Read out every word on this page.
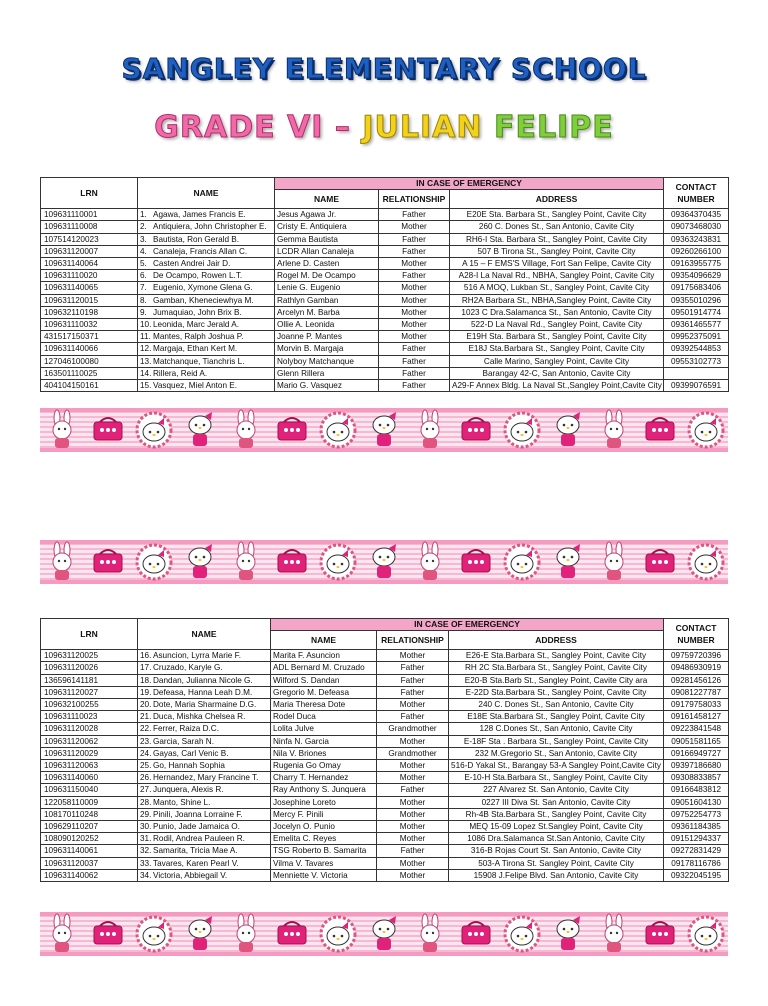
SANGLEY ELEMENTARY SCHOOL
GRADE VI – JULIAN FELIPE
LRN	NAME	IN CASE OF EMERGENCY			CONTACT NUMBER
		NAME	RELATIONSHIP	ADDRESS	
109631110001	1. Agawa, James Francis E.	Jesus Agawa Jr.	Father	E20E Sta. Barbara St., Sangley Point, Cavite City	09364370435
109631110008	2. Antiquiera, John Christopher E.	Cristy E. Antiquiera	Mother	260 C. Dones St., San Antonio, Cavite City	09073468030
107514120023	3. Bautista, Ron Gerald B.	Gemma Bautista	Father	RH6-I Sta. Barbara St., Sangley Point, Cavite City	09363243831
109631120007	4. Canaleja, Francis Allan C.	LCDR Allan Canaleja	Father	507 B Tirona St., Sangley Point, Cavite City	09260266100
109631140064	5. Casten Andrei Jair D.	Arlene D. Casten	Mother	A 15 – F EMS'S Village, Fort San Felipe, Cavite City	09163955775
109631110020	6. De Ocampo, Rowen L.T.	Rogel M. De Ocampo	Father	A28-I La Naval Rd., NBHA, Sangley Point, Cavite City	09354096629
109631140065	7. Eugenio, Xymone Glena G.	Lenie G. Eugenio	Mother	516 A MOQ, Lukban St., Sangley Point, Cavite City	09175683406
109631120015	8. Gamban, Kheneciewhya M.	Rathlyn Gamban	Mother	RH2A Barbara St., NBHA,Sangley Point, Cavite City	09355010296
109632110198	9. Jumaquiao, John Brix B.	Arcelyn M. Barba	Mother	1023 C Dra.Salamanca St., San Antonio, Cavite City	09501914774
109631110032	10. Leonida, Marc Jerald A.	Ollie A. Leonida	Mother	522-D La Naval Rd., Sangley Point, Cavite City	09361465577
431517150371	11. Mantes, Ralph Joshua P.	Joanne P. Mantes	Mother	E19H Sta. Barbara St., Sangley Point, Cavite City	09952375091
109631140066	12. Margaja, Ethan Kert M.	Morvin B. Margaja	Father	E18J Sta.Barbara St., Sangley Point, Cavite City	09392544853
127046100080	13. Matchanque, Tianchris L.	Nolyboy Matchanque	Father	Calle Marino, Sangley Point, Cavite City	09553102773
163501110025	14. Rillera, Reid A.	Glenn Rillera	Father	Barangay 42-C, San Antonio, Cavite City	
404104150161	15. Vasquez, Miel Anton E.	Mario G. Vasquez	Father	A29-F Annex Bldg. La Naval St.,Sangley Point,Cavite City	09399076591
LRN	NAME	IN CASE OF EMERGENCY			CONTACT NUMBER
		NAME	RELATIONSHIP	ADDRESS	
109631120025	16. Asuncion, Lyrra Marie F.	Marita F. Asuncion	Mother	E26-E Sta.Barbara St., Sangley Point, Cavite City	09759720396
109631120026	17. Cruzado, Karyle G.	ADL Bernard M. Cruzado	Father	RH 2C Sta.Barbara St., Sangley Point, Cavite City	09486930919
136596141181	18. Dandan, Julianna Nicole G.	Wilford S. Dandan	Father	E20-B Sta.Barb St., Sangley Point, Cavite City ara	09281456126
109631120027	19. Defeasa, Hanna Leah D.M.	Gregorio M. Defeasa	Father	E-22D Sta.Barbara St., Sangley Point, Cavite City	09081227787
109632100255	20. Dote, Maria Sharmaine D.G.	Maria Theresa Dote	Mother	240 C. Dones St., San Antonio, Cavite City	09179758033
109631110023	21. Duca, Mishka Chelsea R.	Rodel Duca	Father	E18E Sta.Barbara St., Sangley Point, Cavite City	09161458127
109631120028	22. Ferrer, Raiza D.C.	Lolita Julve	Grandmother	128 C.Dones St., San Antonio, Cavite City	09223841548
109631120062	23. Garcia, Sarah N.	Ninfa N. Garcia	Mother	E-18F Sta . Barbara St., Sangley Point, Cavite City	09051581165
109631120029	24. Gayas, Carl Venic B.	Nila V. Briones	Grandmother	232 M.Gregorio St., San Antonio, Cavite City	09166949727
109631120063	25. Go, Hannah Sophia	Rugenia Go Omay	Mother	516-D Yakal St., Barangay 53-A Sangley Point,Cavite City	09397186680
109631140060	26. Hernandez, Mary Francine T.	Charry T. Hernandez	Mother	E-10-H Sta.Barbara St., Sangley Point, Cavite City	09308833857
109631150040	27. Junquera, Alexis R.	Ray Anthony S. Junquera	Father	227 Alvarez St. San Antonio, Cavite City	09166483812
122058110009	28. Manto, Shine L.	Josephine Loreto	Mother	0227 III Diva St. San Antonio, Cavite City	09051604130
108170110248	29. Pinili, Joanna Lorraine F.	Mercy F. Pinili	Mother	Rh-4B Sta.Barbara St., Sangley Point, Cavite City	09752254773
109629110207	30. Punio, Jade Jamaica O.	Jocelyn O. Punio	Mother	MEQ 15-09 Lopez St.Sangley Point, Cavite City	09361184385
108090120252	31. Rodil, Andrea Pauleen R.	Emelita C. Reyes	Mother	1086 Dra.Salamanca St.San Antonio, Cavite City	09151294337
109631140061	32. Samarita, Tricia Mae A.	TSG Roberto B. Samarita	Father	316-B Rojas Court St. San Antonio, Cavite City	09272831429
109631120037	33. Tavares, Karen Pearl V.	Vilma V. Tavares	Mother	503-A Tirona St. Sangley Point, Cavite City	09178116786
109631140062	34. Victoria, Abbiegail V.	Menniette V. Victoria	Mother	15908 J.Felipe Blvd. San Antonio, Cavite City	09322045195
